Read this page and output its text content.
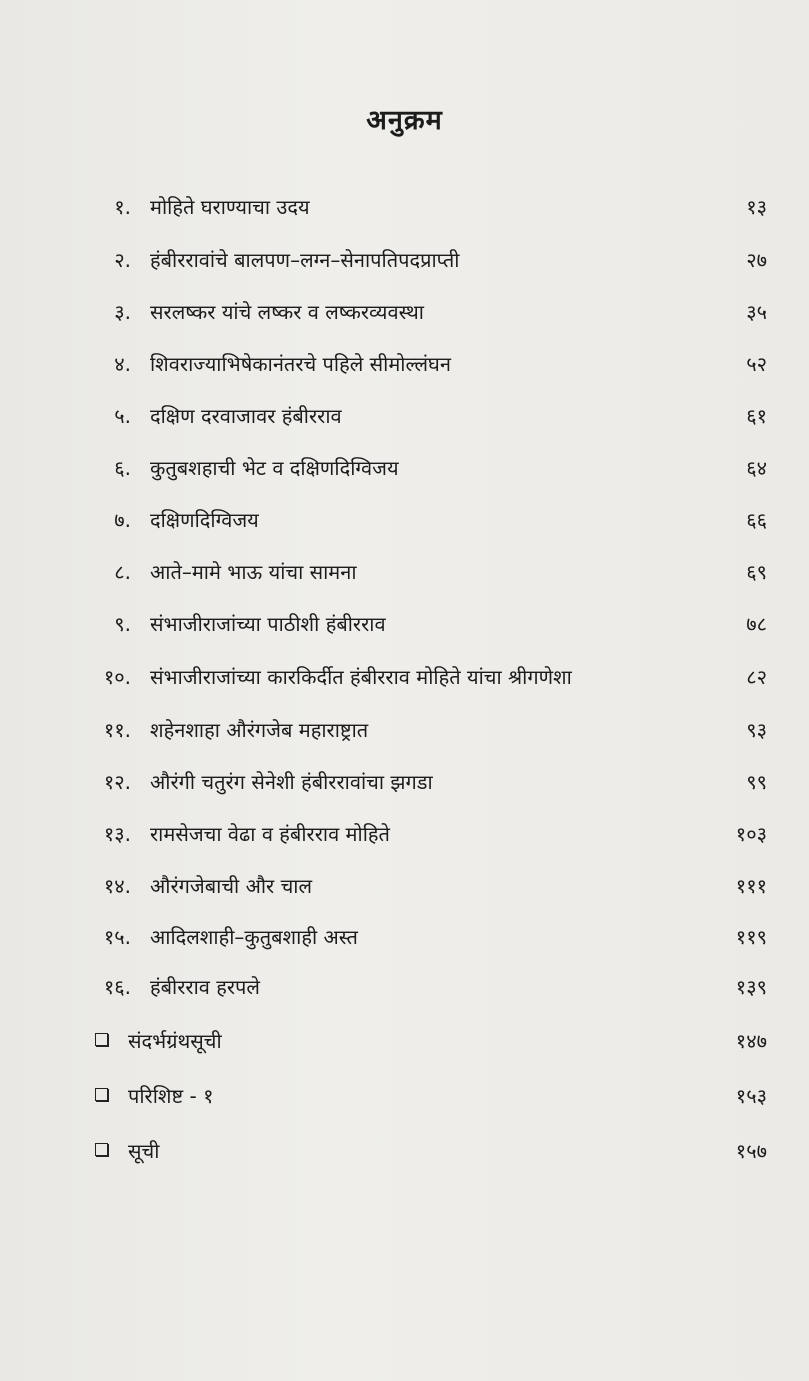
अनुक्रम
१. मोहिते घराण्याचा उदय	१३
२. हंबीररावांचे बालपण–लग्न–सेनापतिपदप्राप्ती	२७
३. सरलष्कर यांचे लष्कर व लष्करव्यवस्था	३५
४. शिवराज्याभिषेकानंतरचे पहिले सीमोल्लंघन	५२
५. दक्षिण दरवाजावर हंबीरराव	६१
६. कुतुबशहाची भेट व दक्षिणदिग्विजय	६४
७. दक्षिणदिग्विजय	६६
८. आते–मामे भाऊ यांचा सामना	६९
९. संभाजीराजांच्या पाठीशी हंबीरराव	७८
१०. संभाजीराजांच्या कारकिर्दीत हंबीरराव मोहिते यांचा श्रीगणेशा	८२
११. शहेनशाहा औरंगजेब महाराष्ट्रात	९३
१२. औरंगी चतुरंग सेनेशी हंबीररावांचा झगडा	९९
१३. रामसेजचा वेढा व हंबीरराव मोहिते	१०३
१४. औरंगजेबाची और चाल	१११
१५. आदिलशाही–कुतुबशाही अस्त	११९
१६. हंबीरराव हरपले	१३९
संदर्भग्रंथसूची	१४७
परिशिष्ट - १	१५३
सूची	१५७
